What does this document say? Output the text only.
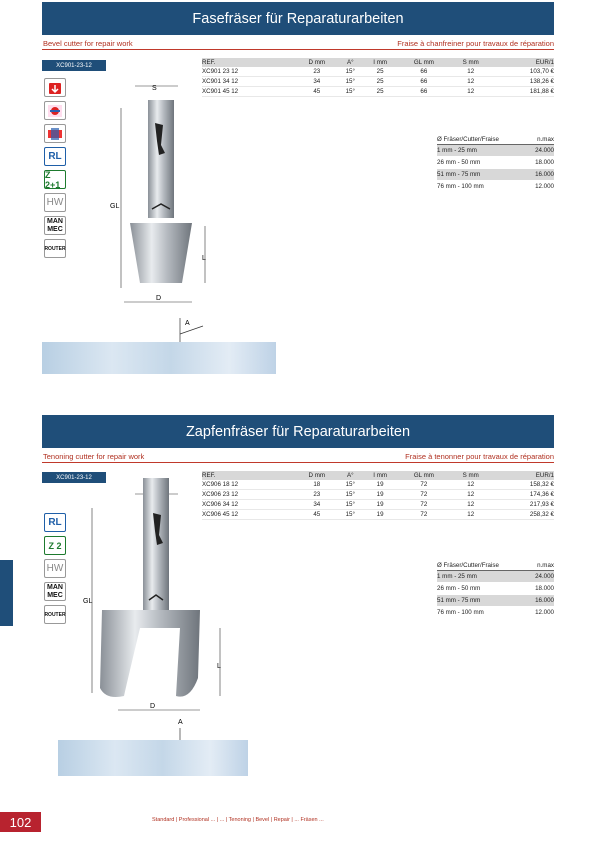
Fasefräser für Reparaturarbeiten
Bevel cutter for repair work	Fraise à chanfreiner pour travaux de réparation
XC901-23-12
RL
Z 2+1
HW
MAN
MEC
ROUTER
REF.	D mm	A°	I mm	GL mm	S mm	EUR/1
XC901 23 12	23	15°	25	66	12	103,70 €
XC901 34 12	34	15°	25	66	12	138,26 €
XC901 45 12	45	15°	25	66	12	181,88 €
Ø Fräser/Cutter/Fraise	n.max
1 mm - 25 mm	24.000
26 mm - 50 mm	18.000
51 mm - 75 mm	16.000
76 mm - 100 mm	12.000
S
GL
L
D
A
Zapfenfräser für Reparaturarbeiten
Tenoning cutter for repair work	Fraise à tenonner pour travaux de réparation
XC901-23-12
RL
Z 2
HW
MAN
MEC
ROUTER
REF.	D mm	A°	I mm	GL mm	S mm	EUR/1
XC906 18 12	18	15°	19	72	12	158,32 €
XC906 23 12	23	15°	19	72	12	174,36 €
XC906 34 12	34	15°	19	72	12	217,93 €
XC906 45 12	45	15°	19	72	12	258,32 €
Ø Fräser/Cutter/Fraise	n.max
1 mm - 25 mm	24.000
26 mm - 50 mm	18.000
51 mm - 75 mm	16.000
76 mm - 100 mm	12.000
GL
L
D
A
102	Standard | Professional ... | ... | Tenoning | Bevel | Repair | ... Fräsen ...
